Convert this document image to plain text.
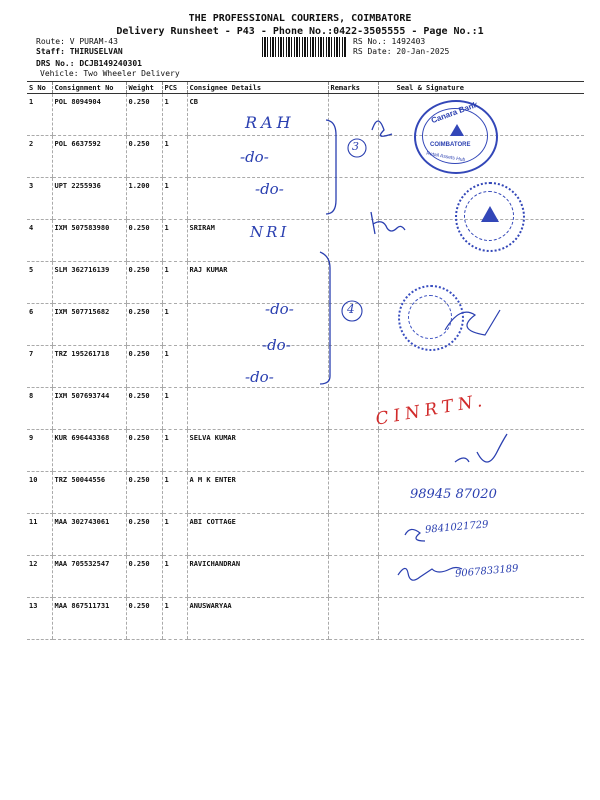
THE PROFESSIONAL COURIERS, COIMBATORE
Delivery Runsheet - P43 - Phone No.:0422-3505555 - Page No.:1
Route: V PURAM-43
Staff: THIRUSELVAN
DRS No.: DCJB149240301
Vehicle: Two Wheeler Delivery
RS No.: 1492403
RS Date: 20-Jan-2025
S No	Consignment No	Weight	PCS	Consignee Details	Remarks	Seal & Signature
1	POL 8094904	0.250	1	CB		
2	POL 6637592	0.250	1			
3	UPT 2255936	1.200	1			
4	IXM 507583980	0.250	1	SRIRAM		
5	SLM 362716139	0.250	1	RAJ KUMAR		
6	IXM 507715682	0.250	1			
7	TRZ 195261718	0.250	1			
8	IXM 507693744	0.250	1			
9	KUR 696443368	0.250	1	SELVA KUMAR		
10	TRZ 50044556	0.250	1	A M K ENTER		
11	MAA 302743061	0.250	1	ABI COTTAGE		
12	MAA 705532547	0.250	1	RAVICHANDRAN		
13	MAA 867511731	0.250	1	ANUSWARYAA		
RAH
-do-
-do-
NRI
-do-
-do-
-do-
3
4
CINRTN.
98945 87020
9841021729
9067833189
Canara Bank
COIMBATORE
Retail Assets Hub
